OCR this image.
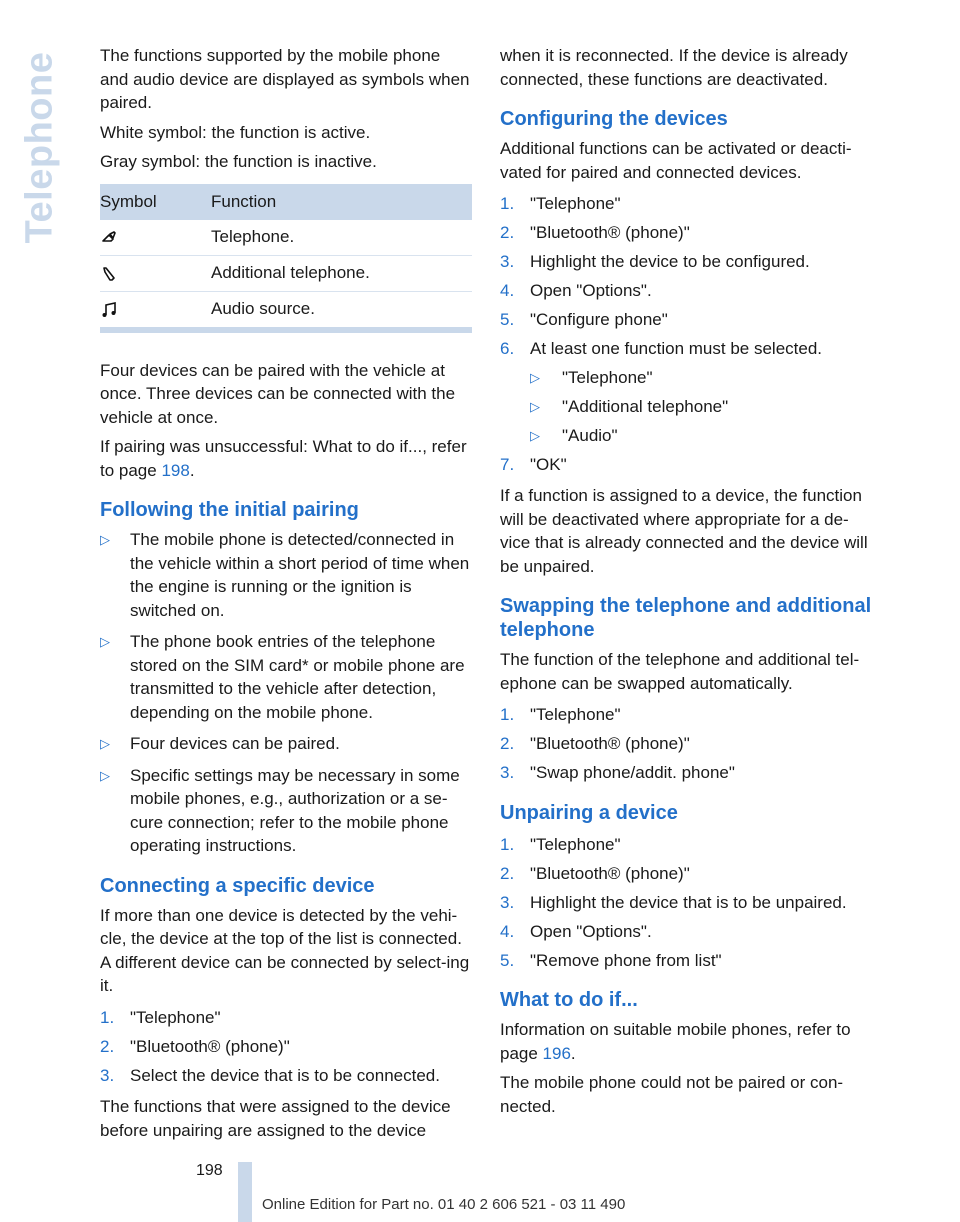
Telephone The functions supported by the mobile phone and audio device are displayed as symbols when paired.

White symbol: the function is active.

Gray symbol: the function is inactive.

Symbol	Function
	Telephone.
	Additional telephone.
	Audio source.

Four devices can be paired with the vehicle at once. Three devices can be connected with the vehicle at once.

If pairing was unsuccessful: What to do if..., refer to page 198.

Following the initial pairing
▷ The mobile phone is detected/connected in the vehicle within a short period of time when the engine is running or the ignition is switched on.
▷ The phone book entries of the telephone stored on the SIM card* or mobile phone are transmitted to the vehicle after detection, depending on the mobile phone.
▷ Four devices can be paired.
▷ Specific settings may be necessary in some mobile phones, e.g., authorization or a se-cure connection; refer to the mobile phone operating instructions.
Connecting a specific device

If more than one device is detected by the vehi-cle, the device at the top of the list is connected. A different device can be connected by select-ing it.

1. "Telephone"
2. "Bluetooth® (phone)"
3. Select the device that is to be connected.

The functions that were assigned to the device before unpairing are assigned to the device

when it is reconnected. If the device is already connected, these functions are deactivated.

Configuring the devices

Additional functions can be activated or deacti-vated for paired and connected devices.

1. "Telephone"
2. "Bluetooth® (phone)"
3. Highlight the device to be configured.
4. Open "Options".
5. "Configure phone"
6. At least one function must be selected.
▷ "Telephone"
▷ "Additional telephone"
▷ "Audio"
7. "OK"

If a function is assigned to a device, the function will be deactivated where appropriate for a de-vice that is already connected and the device will be unpaired.

Swapping the telephone and additional telephone

The function of the telephone and additional tel-ephone can be swapped automatically.

1. "Telephone"
2. "Bluetooth® (phone)"
3. "Swap phone/addit. phone"
Unpairing a device
1. "Telephone"
2. "Bluetooth® (phone)"
3. Highlight the device that is to be unpaired.
4. Open "Options".
5. "Remove phone from list"
What to do if...

Information on suitable mobile phones, refer to page 196.

The mobile phone could not be paired or con-nected.

198
Online Edition for Part no. 01 40 2 606 521 - 03 11 490
